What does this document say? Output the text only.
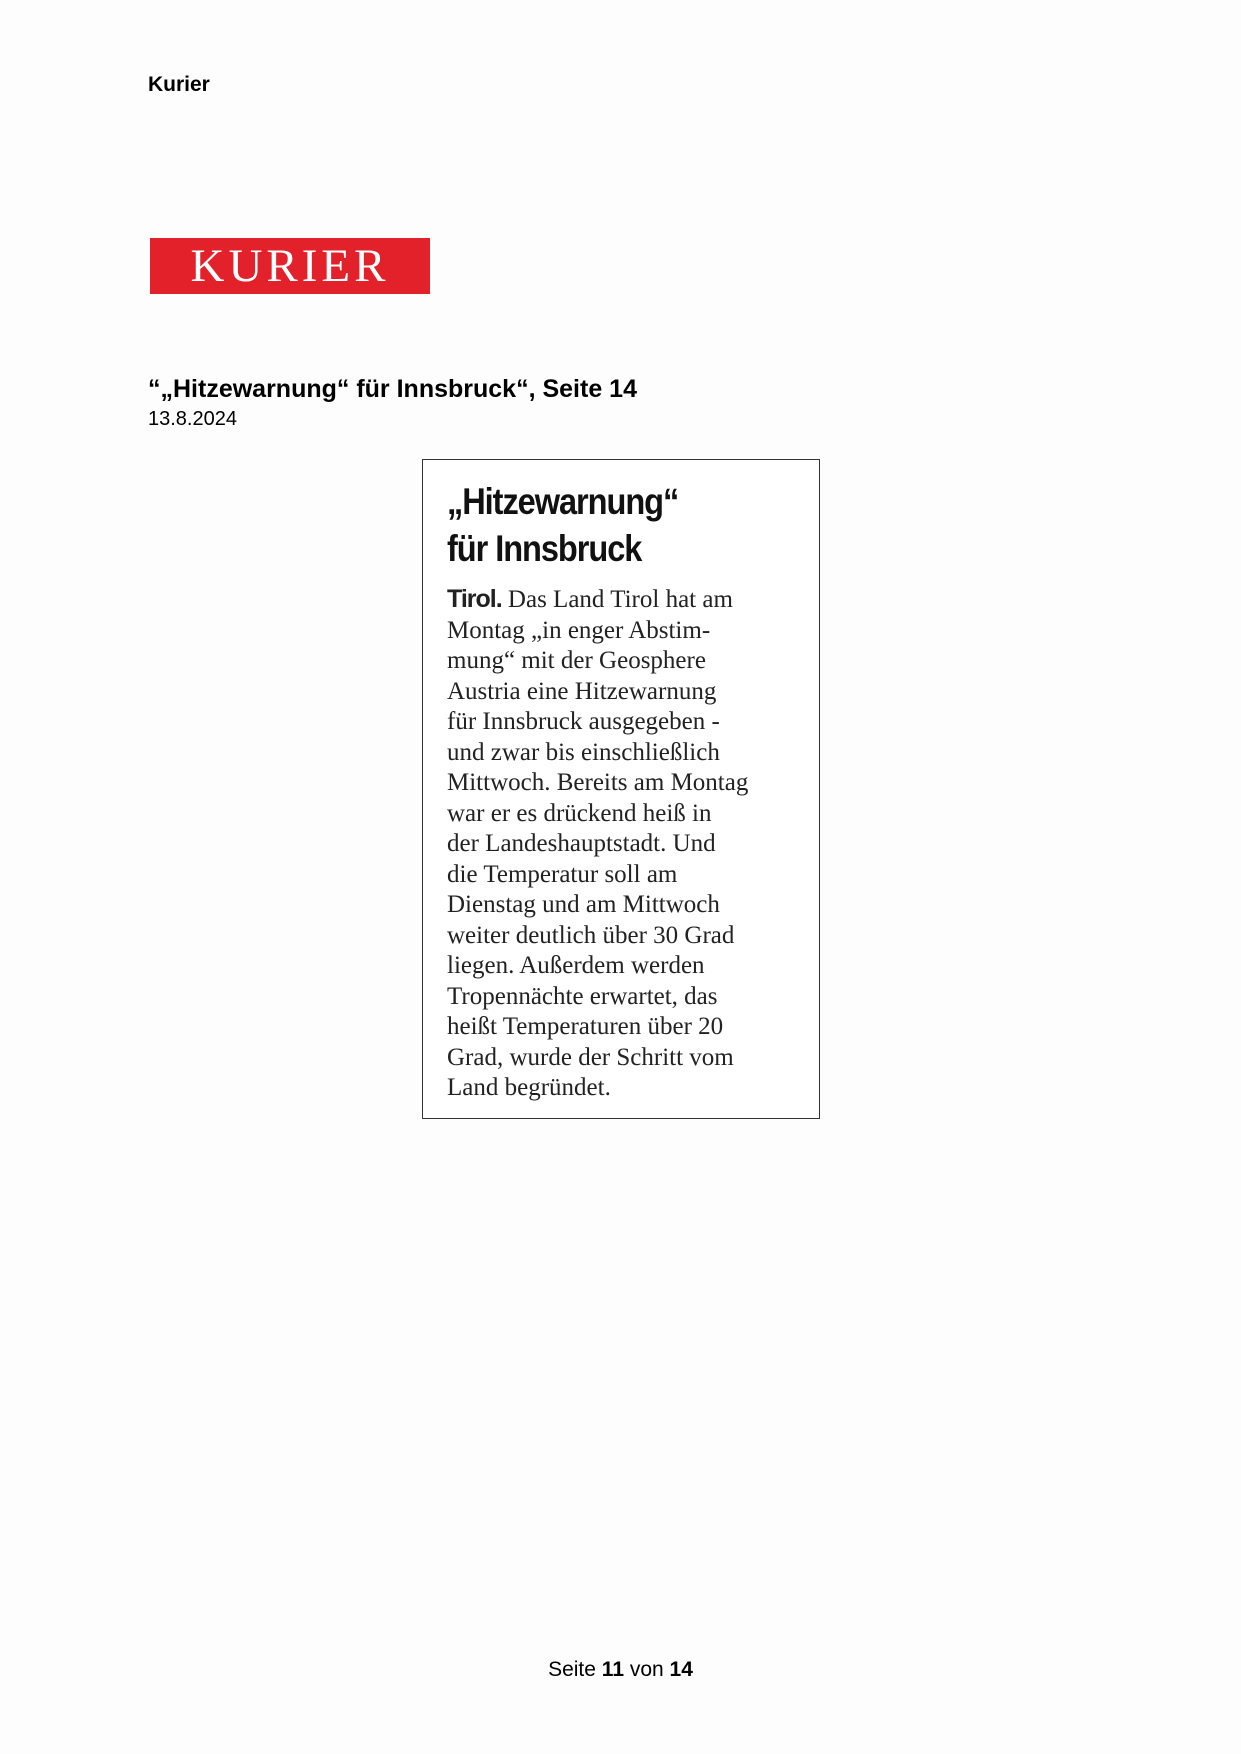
Kurier
KURIER
“„Hitzewarnung“ für Innsbruck“, Seite 14
13.8.2024
„Hitzewarnung“
für Innsbruck
Tirol. Das Land Tirol hat am
Montag „in enger Abstim-
mung“ mit der Geosphere
Austria eine Hitzewarnung
für Innsbruck ausgegeben -
und zwar bis einschließlich
Mittwoch. Bereits am Montag
war er es drückend heiß in
der Landeshauptstadt. Und
die Temperatur soll am
Dienstag und am Mittwoch
weiter deutlich über 30 Grad
liegen. Außerdem werden
Tropennächte erwartet, das
heißt Temperaturen über 20
Grad, wurde der Schritt vom
Land begründet.
Seite 11 von 14
